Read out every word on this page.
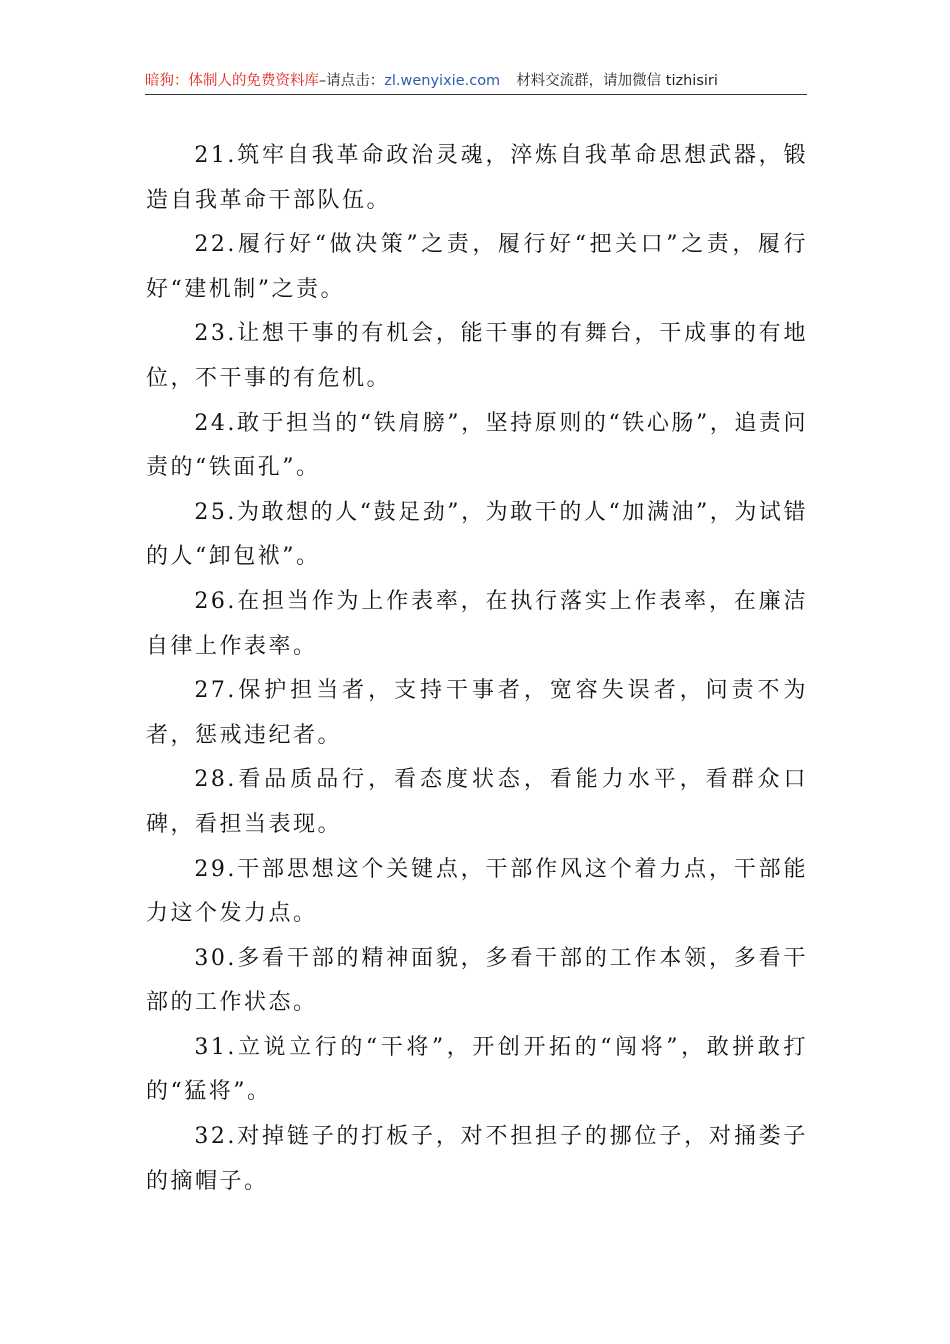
暗狗：体制人的免费资料库–请点击：zl.wenyixie.com 材料交流群，请加微信 tizhisiri

21.筑牢自我革命政治灵魂，淬炼自我革命思想武器，锻造自我革命干部队伍。

22.履行好“做决策”之责，履行好“把关口”之责，履行好“建机制”之责。

23.让想干事的有机会，能干事的有舞台，干成事的有地位，不干事的有危机。

24.敢于担当的“铁肩膀”，坚持原则的“铁心肠”，追责问责的“铁面孔”。

25.为敢想的人“鼓足劲”，为敢干的人“加满油”，为试错的人“卸包袱”。

26.在担当作为上作表率，在执行落实上作表率，在廉洁自律上作表率。

27.保护担当者，支持干事者，宽容失误者，问责不为者，惩戒违纪者。

28.看品质品行，看态度状态，看能力水平，看群众口碑，看担当表现。

29.干部思想这个关键点，干部作风这个着力点，干部能力这个发力点。

30.多看干部的精神面貌，多看干部的工作本领，多看干部的工作状态。

31.立说立行的“干将”，开创开拓的“闯将”，敢拼敢打的“猛将”。

32.对掉链子的打板子，对不担担子的挪位子，对捅娄子的摘帽子。
